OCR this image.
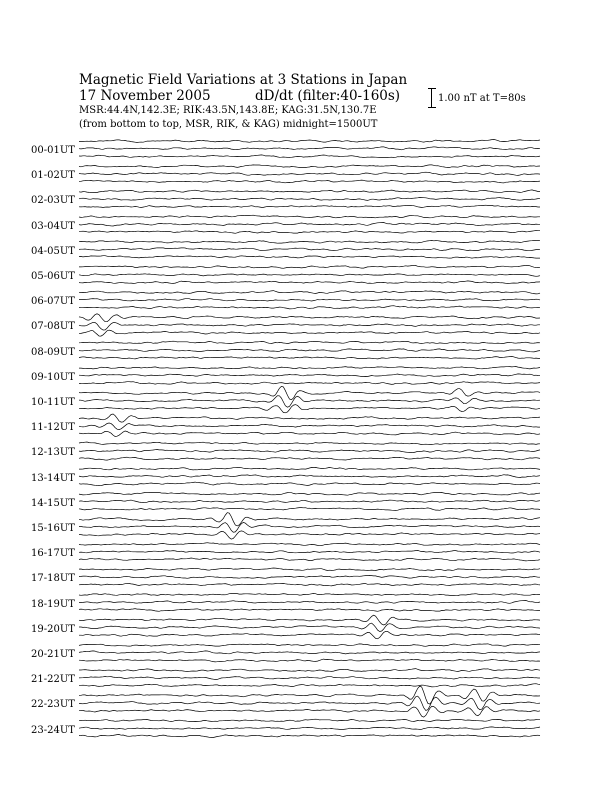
Magnetic Field Variations at 3 Stations in Japan
17 November 2005	dD/dt (filter:40-160s)
MSR:44.4N,142.3E; RIK:43.5N,143.8E; KAG:31.5N,130.7E
(from bottom to top, MSR, RIK, & KAG) midnight=1500UT
1.00 nT at T=80s
00-01UT
01-02UT
02-03UT
03-04UT
04-05UT
05-06UT
06-07UT
07-08UT
08-09UT
09-10UT
10-11UT
11-12UT
12-13UT
13-14UT
14-15UT
15-16UT
16-17UT
17-18UT
18-19UT
19-20UT
20-21UT
21-22UT
22-23UT
23-24UT
